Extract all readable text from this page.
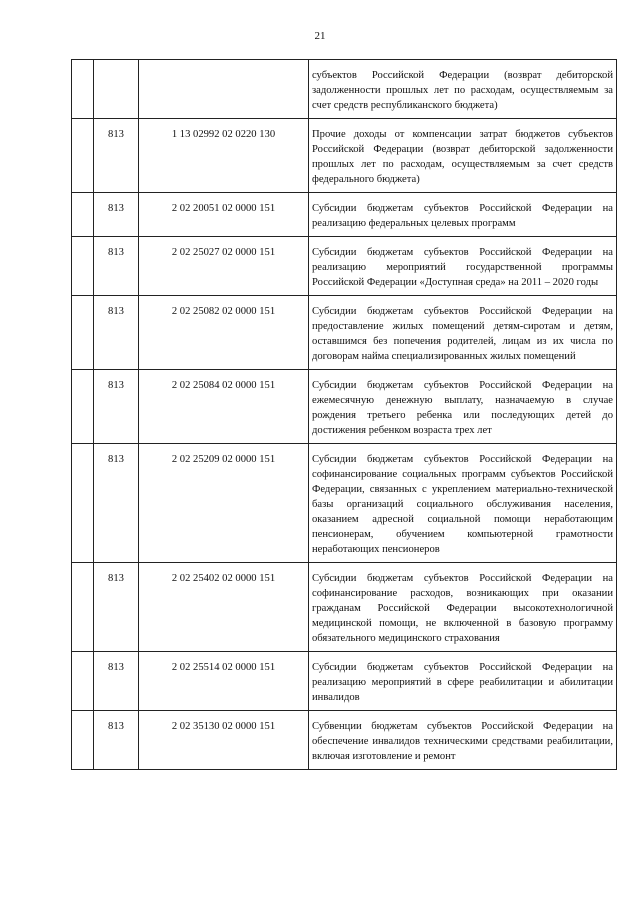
21
			субъектов Российской Федерации (возврат дебиторской задолженности прошлых лет по расходам, осуществляемым за счет средств республиканского бюджета)
	813	1 13 02992 02 0220 130	Прочие доходы от компенсации затрат бюджетов субъектов Российской Федерации (возврат дебиторской задолженности прошлых лет по расходам, осуществляемым за счет средств федерального бюджета)
	813	2 02 20051 02 0000 151	Субсидии бюджетам субъектов Российской Федерации на реализацию федеральных целевых программ
	813	2 02 25027 02 0000 151	Субсидии бюджетам субъектов Российской Федерации на реализацию мероприятий государственной программы Российской Федерации «Доступная среда» на 2011 – 2020 годы
	813	2 02 25082 02 0000 151	Субсидии бюджетам субъектов Российской Федерации на предоставление жилых помещений детям-сиротам и детям, оставшимся без попечения родителей, лицам из их числа по договорам найма специализированных жилых помещений
	813	2 02 25084 02 0000 151	Субсидии бюджетам субъектов Российской Федерации на ежемесячную денежную выплату, назначаемую в случае рождения третьего ребенка или последующих детей до достижения ребенком возраста трех лет
	813	2 02 25209 02 0000 151	Субсидии бюджетам субъектов Российской Федерации на софинансирование социальных программ субъектов Российской Федерации, связанных с укреплением материально-технической базы организаций социального обслуживания населения, оказанием адресной социальной помощи неработающим пенсионерам, обучением компьютерной грамотности неработающих пенсионеров
	813	2 02 25402 02 0000 151	Субсидии бюджетам субъектов Российской Федерации на софинансирование расходов, возникающих при оказании гражданам Российской Федерации высокотехнологичной медицинской помощи, не включенной в базовую программу обязательного медицинского страхования
	813	2 02 25514 02 0000 151	Субсидии бюджетам субъектов Российской Федерации на реализацию мероприятий в сфере реабилитации и абилитации инвалидов
	813	2 02 35130 02 0000 151	Субвенции бюджетам субъектов Российской Федерации на обеспечение инвалидов техническими средствами реабилитации, включая изготовление и ремонт
